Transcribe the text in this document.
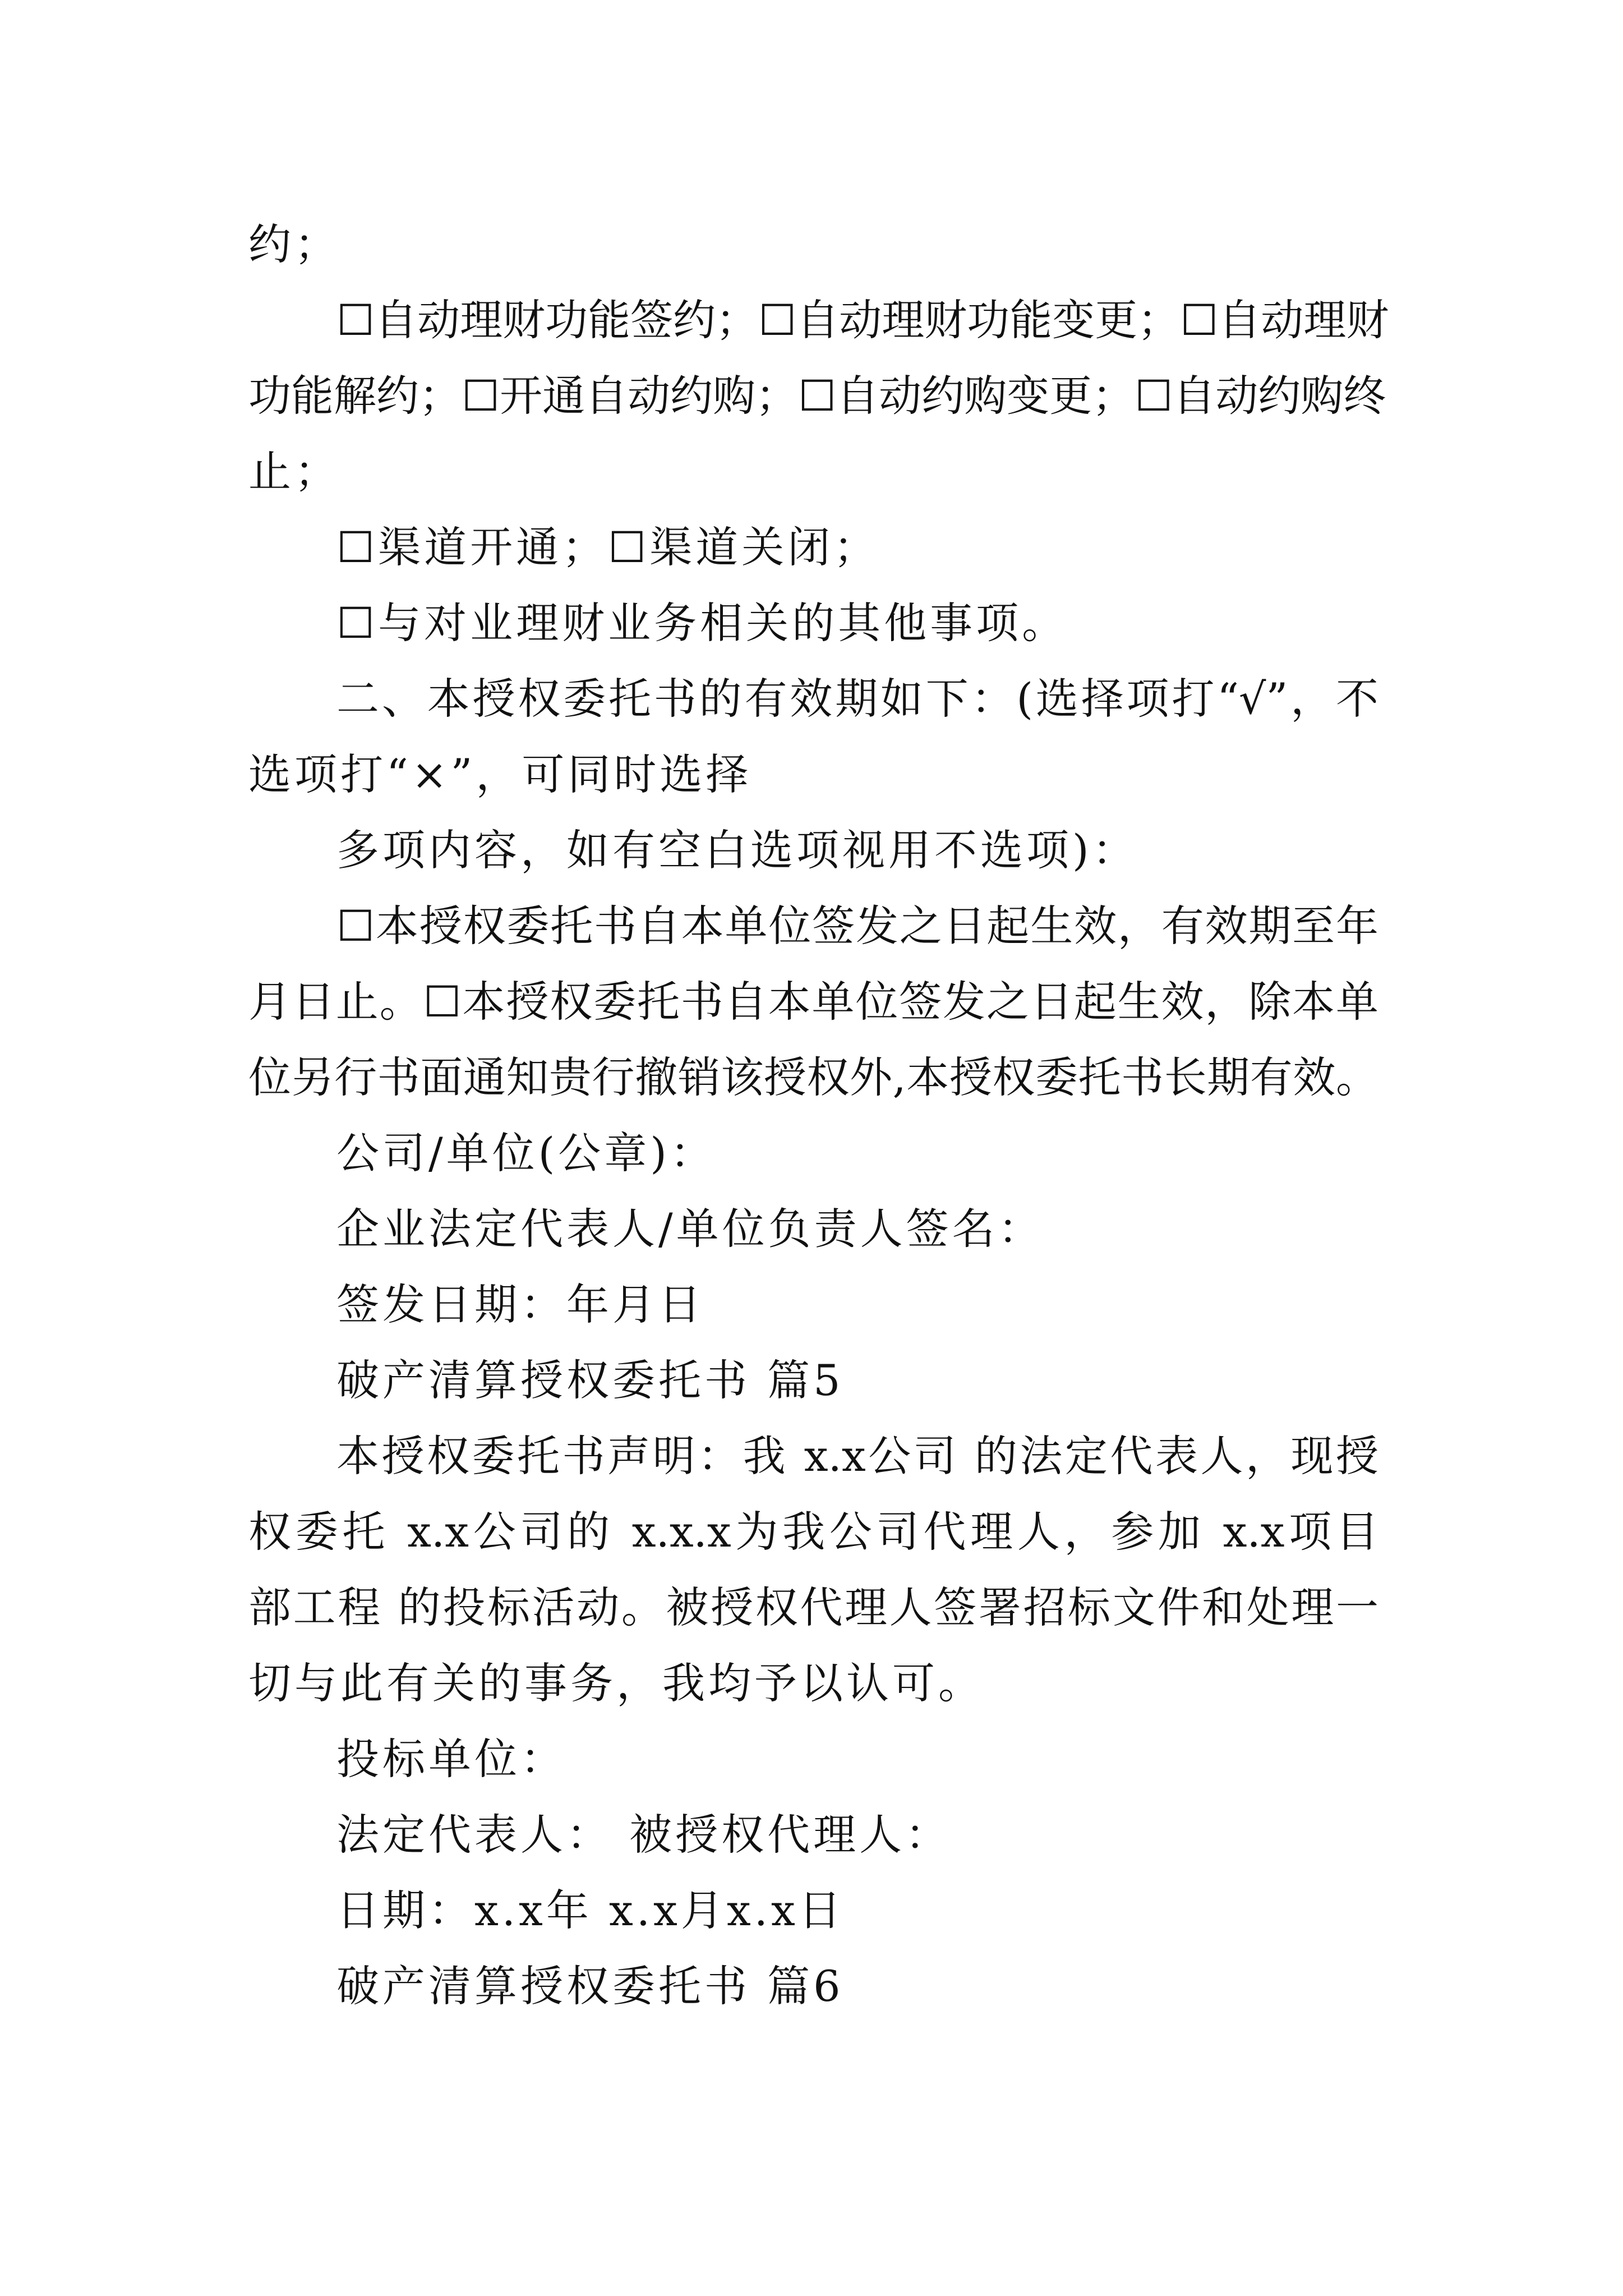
约；
☐自动理财功能签约；☐自动理财功能变更；☐自动理财
功能解约；☐开通自动约购；☐自动约购变更；☐自动约购终
止；
☐渠道开通；☐渠道关闭；
☐与对业理财业务相关的其他事项。
二、本授权委托书的有效期如下：(选择项打“√”，不
选项打“×”，可同时选择
多项内容，如有空白选项视用不选项)：
☐本授权委托书自本单位签发之日起生效，有效期至年
月日止。☐本授权委托书自本单位签发之日起生效，除本单
位另行书面通知贵行撤销该授权外,本授权委托书长期有效。
公司/单位(公章)：
企业法定代表人/单位负责人签名：
签发日期：年月日
破产清算授权委托书 篇5
本授权委托书声明：我 x.x公司 的法定代表人，现授
权委托 x.x公司的 x.x.x为我公司代理人，参加 x.x项目
部工程 的投标活动。被授权代理人签署招标文件和处理一
切与此有关的事务，我均予以认可。
投标单位：
法定代表人： 被授权代理人：
日期：x.x年 x.x月x.x日
破产清算授权委托书 篇6
